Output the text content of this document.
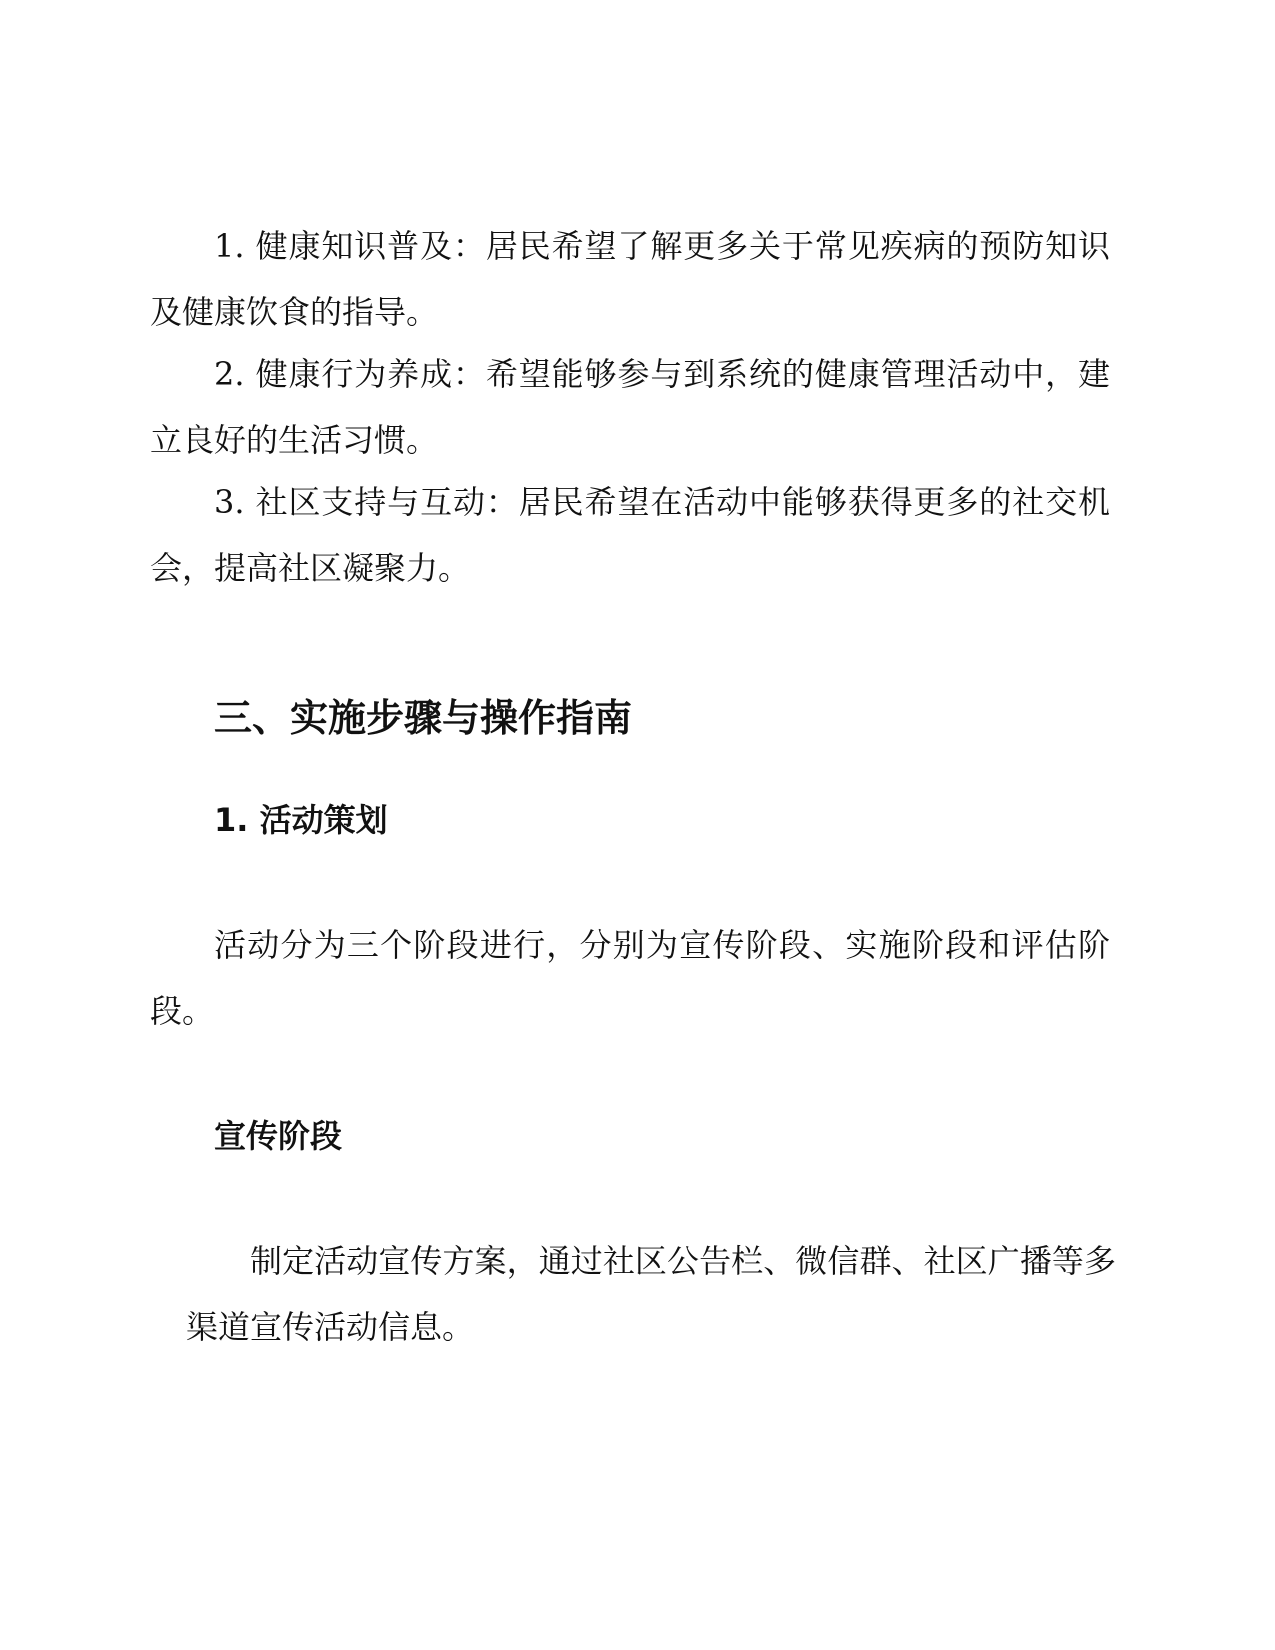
1. 健康知识普及：居民希望了解更多关于常见疾病的预防知识及健康饮食的指导。

2. 健康行为养成：希望能够参与到系统的健康管理活动中，建立良好的生活习惯。

3. 社区支持与互动：居民希望在活动中能够获得更多的社交机会，提高社区凝聚力。

三、实施步骤与操作指南
1. 活动策划

活动分为三个阶段进行，分别为宣传阶段、实施阶段和评估阶段。

宣传阶段

制定活动宣传方案，通过社区公告栏、微信群、社区广播等多渠道宣传活动信息。
